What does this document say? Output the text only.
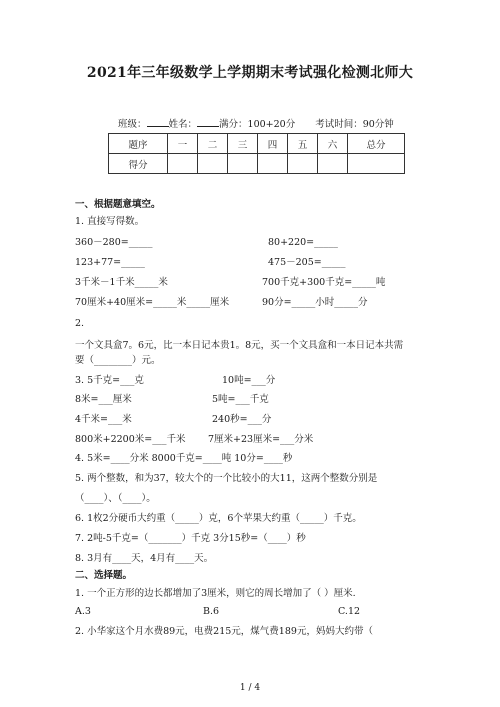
2021年三年级数学上学期期末考试强化检测北师大
班级： 姓名： 满分：100+20分 考试时间：90分钟
题序	一	二	三	四	五	六	总分
得分							
一、根据题意填空。
1. 直接写得数。
360－280=_____	80+220=_____
123+77=_____	475－205=_____
3千米－1千米_____米	700千克+300千克=_____吨
70厘米+40厘米=_____米_____厘米	90分=_____小时_____分
2.
一个文具盒7。6元，比一本日记本贵1。8元，买一个文具盒和一本日记本共需
要（________）元。
3. 5千克=___克	10吨=___分
8米=___厘米	5吨=___千克
4千米=___米	240秒=___分
800米+2200米=___千米 7厘米+23厘米=___分米
4. 5米=____分米 8000千克=____吨 10分=____秒
5. 两个整数，和为37，较大个的一个比较小的大11，这两个整数分别是
（____）、（____）。
6. 1枚2分硬币大约重（_____）克，6个苹果大约重（_____）千克。
7. 2吨-5千克=（_______）千克 3分15秒=（____）秒
8. 3月有____天，4月有____天。
二、选择题。
1. 一个正方形的边长都增加了3厘米，则它的周长增加了（ ）厘米.
A.3	B.6	C.12
2. 小华家这个月水费89元，电费215元，煤气费189元，妈妈大约带（
1 / 4
